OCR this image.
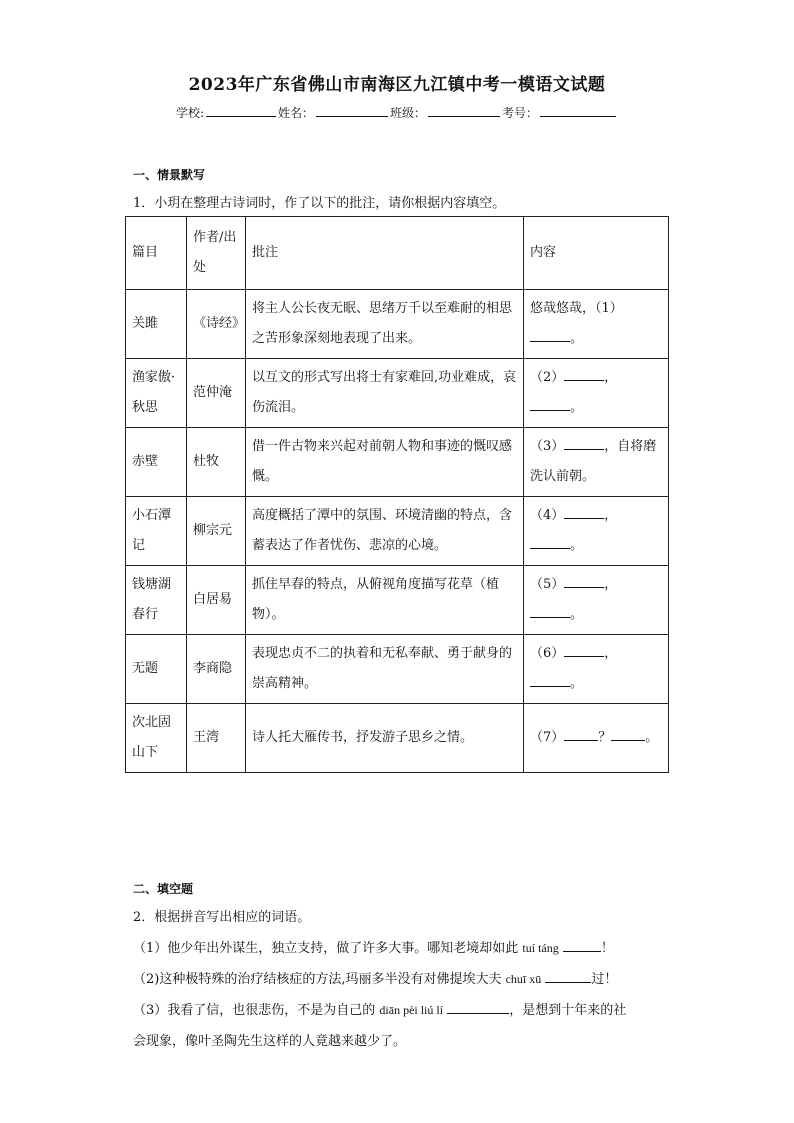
2023年广东省佛山市南海区九江镇中考一模语文试题
学校:	姓名：	班级：	考号：
一、情景默写
1．小玥在整理古诗词时，作了以下的批注，请你根据内容填空。
篇目	作者/出处	批注	内容
关雎	《诗经》	将主人公长夜无眠、思绪万千以至难耐的相思之苦形象深刻地表现了出来。	悠哉悠哉，（1）
。
渔家傲·秋思	范仲淹	以互文的形式写出将士有家难回,功业难成，哀伤流泪。	（2） ，
。
赤壁	杜牧	借一件古物来兴起对前朝人物和事迹的慨叹感慨。	（3） ，自将磨洗认前朝。
小石潭记	柳宗元	高度概括了潭中的氛围、环境清幽的特点，含蓄表达了作者忧伤、悲凉的心境。	（4） ，
。
钱塘湖春行	白居易	抓住早春的特点，从俯视角度描写花草（植物）。	（5） ，
。
无题	李商隐	表现忠贞不二的执着和无私奉献、勇于献身的崇高精神。	（6） ，
。
次北固山下	王湾	诗人托大雁传书，抒发游子思乡之情。	（7） ？ 。
二、填空题
2．根据拼音写出相应的词语。
（1）他少年出外谋生，独立支持，做了许多大事。哪知老境却如此 tuí táng	！
（2)这种极特殊的治疗结核症的方法,玛丽多半没有对佛提埃大夫 chuī xū	过！
（3）我看了信，也很悲伤，不是为自己的 diān pèi liú lí	，是想到十年来的社
会现象，像叶圣陶先生这样的人竟越来越少了。
